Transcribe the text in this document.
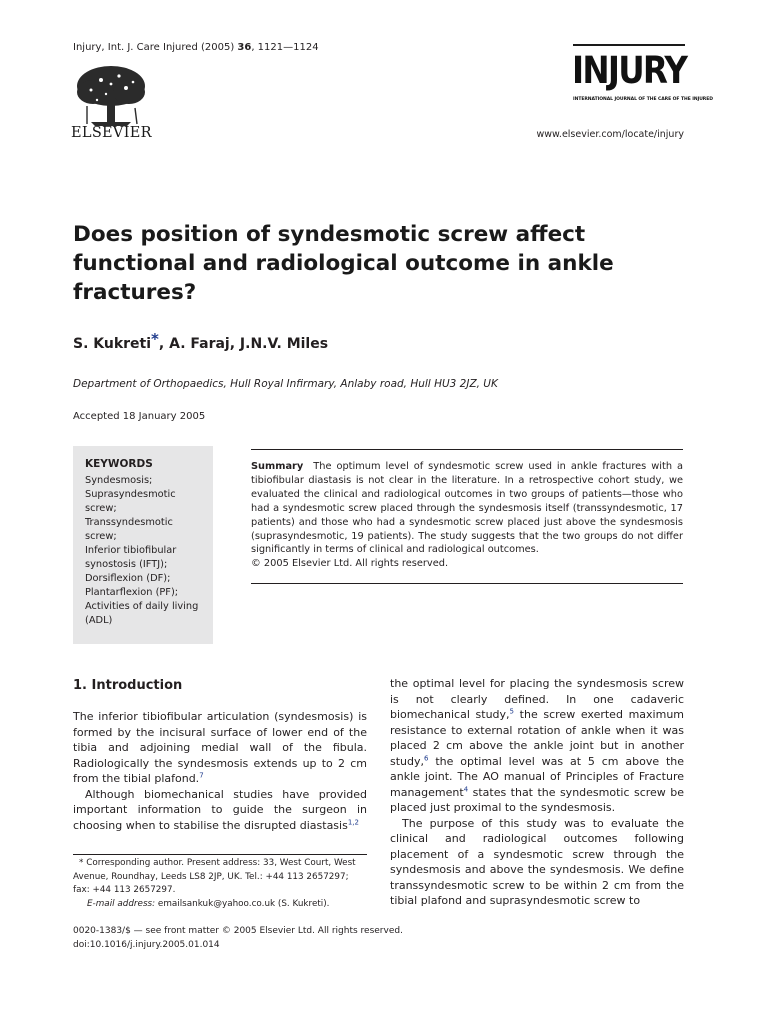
Injury, Int. J. Care Injured (2005) 36, 1121—1124
ELSEVIER
INJURY
INTERNATIONAL JOURNAL OF THE CARE OF THE INJURED
www.elsevier.com/locate/injury
Does position of syndesmotic screw affect functional and radiological outcome in ankle fractures?
S. Kukreti*, A. Faraj, J.N.V. Miles
Department of Orthopaedics, Hull Royal Infirmary, Anlaby road, Hull HU3 2JZ, UK
Accepted 18 January 2005
KEYWORDS
Syndesmosis;
Suprasyndesmotic
screw;
Transsyndesmotic
screw;
Inferior tibiofibular
synostosis (IFTJ);
Dorsiflexion (DF);
Plantarflexion (PF);
Activities of daily living
(ADL)
Summary The optimum level of syndesmotic screw used in ankle fractures with a tibiofibular diastasis is not clear in the literature. In a retrospective cohort study, we evaluated the clinical and radiological outcomes in two groups of patients—those who had a syndesmotic screw placed through the syndesmosis itself (transsyndesmotic, 17 patients) and those who had a syndesmotic screw placed just above the syndesmosis (suprasyndesmotic, 19 patients). The study suggests that the two groups do not differ significantly in terms of clinical and radiological outcomes.
© 2005 Elsevier Ltd. All rights reserved.
1. Introduction

The inferior tibiofibular articulation (syndesmosis) is formed by the incisural surface of lower end of the tibia and adjoining medial wall of the fibula. Radiologically the syndesmosis extends up to 2 cm from the tibial plafond.$^7$

Although biomechanical studies have provided important information to guide the surgeon in choosing when to stabilise the disrupted diastasis$^{1,2}$

the optimal level for placing the syndesmosis screw is not clearly defined. In one cadaveric biomechanical study,$^5$ the screw exerted maximum resistance to external rotation of ankle when it was placed 2 cm above the ankle joint but in another study,$^6$ the optimal level was at 5 cm above the ankle joint. The AO manual of Principles of Fracture management$^4$ states that the syndesmotic screw be placed just proximal to the syndesmosis.

The purpose of this study was to evaluate the clinical and radiological outcomes following placement of a syndesmotic screw through the syndesmosis and above the syndesmosis. We define transsyndesmotic screw to be within 2 cm from the tibial plafond and suprasyndesmotic screw to

* Corresponding author. Present address: 33, West Court, West Avenue, Roundhay, Leeds LS8 2JP, UK. Tel.: +44 113 2657297; fax: +44 113 2657297.
E-mail address: emailsankuk@yahoo.co.uk (S. Kukreti).
0020-1383/$ — see front matter © 2005 Elsevier Ltd. All rights reserved.
doi:10.1016/j.injury.2005.01.014
